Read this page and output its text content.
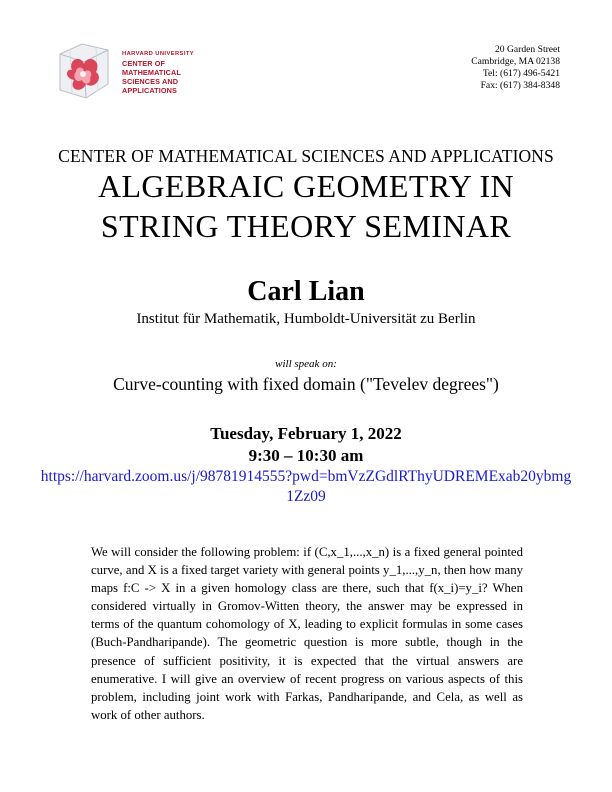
HARVARD UNIVERSITY
CENTER OF MATHEMATICAL
SCIENCES AND APPLICATIONS
20 Garden Street
Cambridge, MA 02138
Tel: (617) 496-5421
Fax: (617) 384-8348
CENTER OF MATHEMATICAL SCIENCES AND APPLICATIONS
ALGEBRAIC GEOMETRY IN
STRING THEORY SEMINAR
Carl Lian
Institut für Mathematik, Humboldt-Universität zu Berlin
will speak on:
Curve-counting with fixed domain ("Tevelev degrees")
Tuesday, February 1, 2022
9:30 – 10:30 am
https://harvard.zoom.us/j/98781914555?pwd=bmVzZGdlRThyUDREMExab20ybmg1Zz09
We will consider the following problem: if (C,x_1,...,x_n) is a fixed general pointed curve, and X is a fixed target variety with general points y_1,...,y_n, then how many maps f:C -> X in a given homology class are there, such that f(x_i)=y_i? When considered virtually in Gromov-Witten theory, the answer may be expressed in terms of the quantum cohomology of X, leading to explicit formulas in some cases (Buch-Pandharipande). The geometric question is more subtle, though in the presence of sufficient positivity, it is expected that the virtual answers are enumerative. I will give an overview of recent progress on various aspects of this problem, including joint work with Farkas, Pandharipande, and Cela, as well as work of other authors.
